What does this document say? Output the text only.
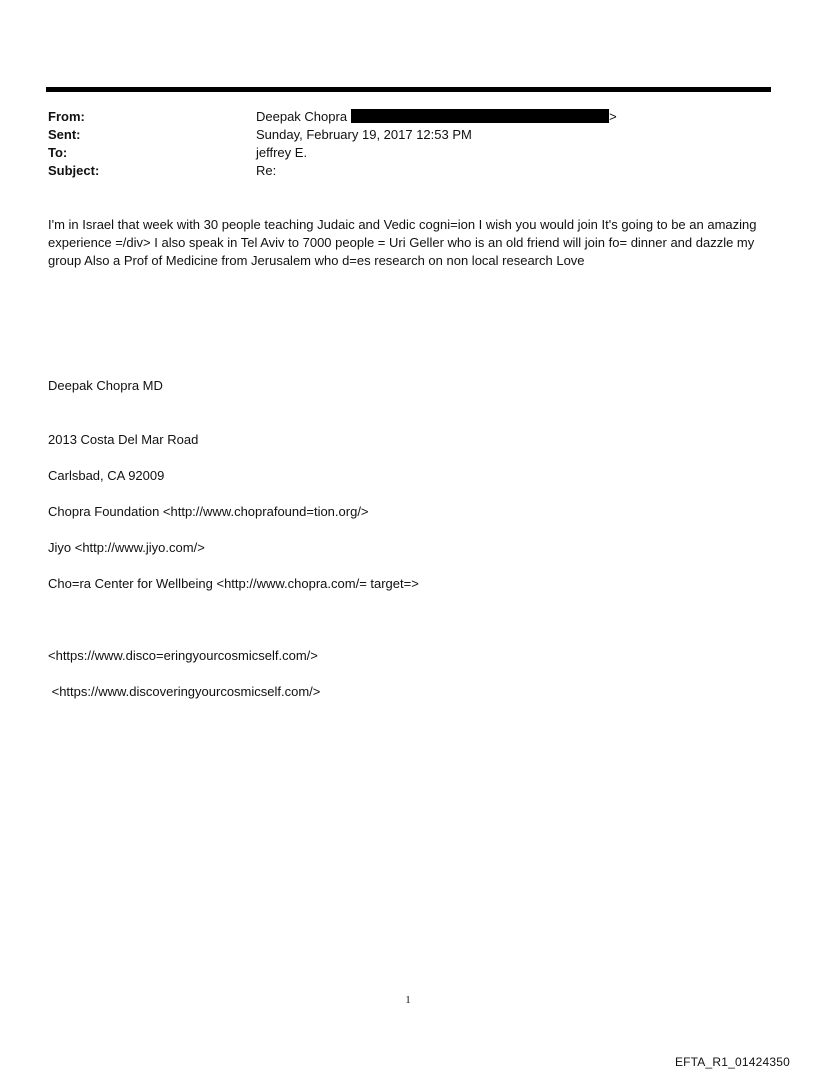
From:	Deepak Chopra	>
Sent:	Sunday, February 19, 2017 12:53 PM
To:	jeffrey E.
Subject:	Re:
I'm in Israel that week with 30 people teaching Judaic and Vedic cogni=ion I wish you would join It's going to be an amazing experience =/div> I also speak in Tel Aviv to 7000 people = Uri Geller who is an old friend will join fo= dinner and dazzle my group Also a Prof of Medicine from Jerusalem who d=es research on non local research Love
Deepak Chopra MD
2013 Costa Del Mar Road
Carlsbad, CA 92009
Chopra Foundation <http://www.choprafound=tion.org/>
Jiyo <http://www.jiyo.com/>
Cho=ra Center for Wellbeing <http://www.chopra.com/= target=>
<https://www.disco=eringyourcosmicself.com/>
<https://www.discoveringyourcosmicself.com/>
1
EFTA_R1_01424350
